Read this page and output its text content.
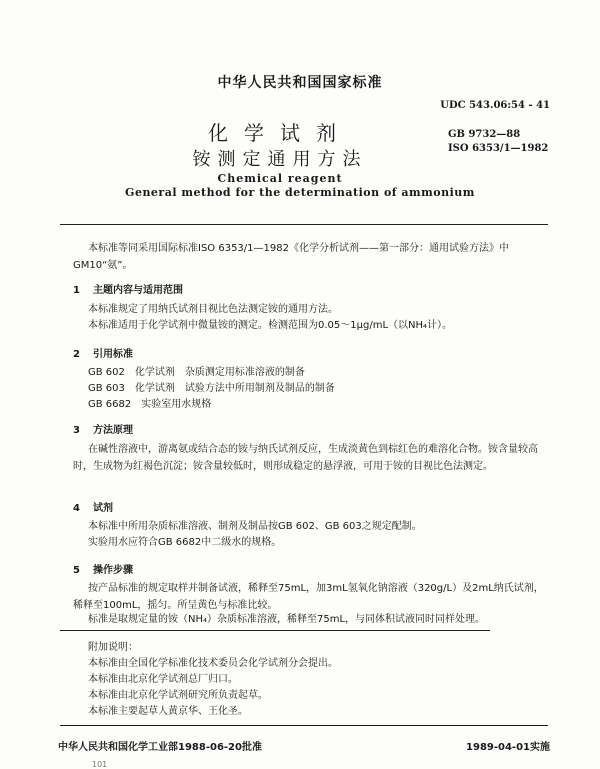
中华人民共和国国家标准
UDC 543.06:54 - 41
化学试剂
铵测定通用方法
GB 9732—88
ISO 6353/1—1982
Chemical reagent
General method for the determination of ammonium
本标准等同采用国际标准ISO 6353/1—1982《化学分析试剂——第一部分：通用试验方法》中GM10“氨”。
1 主题内容与适用范围
本标准规定了用纳氏试剂目视比色法测定铵的通用方法。
本标准适用于化学试剂中微量铵的测定。检测范围为0.05～1μg/mL（以NH₄计）。
2 引用标准
GB 602　化学试剂　杂质测定用标准溶液的制备
GB 603　化学试剂　试验方法中所用制剂及制品的制备
GB 6682　实验室用水规格
3 方法原理
在碱性溶液中，游离氨或结合态的铵与纳氏试剂反应，生成淡黄色到棕红色的难溶化合物。铵含量较高时，生成物为红褐色沉淀；铵含量较低时，则形成稳定的悬浮液，可用于铵的目视比色法测定。
4 试剂
本标准中所用杂质标准溶液、制剂及制品按GB 602、GB 603之规定配制。
实验用水应符合GB 6682中二级水的规格。
5 操作步骤
按产品标准的规定取样并制备试液，稀释至75mL，加3mL氢氧化钠溶液（320g/L）及2mL纳氏试剂，稀释至100mL，摇匀。所呈黄色与标准比较。
标准是取规定量的铵（NH₄）杂质标准溶液，稀释至75mL，与同体积试液同时同样处理。
附加说明：
本标准由全国化学标准化技术委员会化学试剂分会提出。
本标准由北京化学试剂总厂归口。
本标准由北京化学试剂研究所负责起草。
本标准主要起草人黄京华、王化圣。
中华人民共和国化学工业部1988-06-20批准	1989-04-01实施
101
